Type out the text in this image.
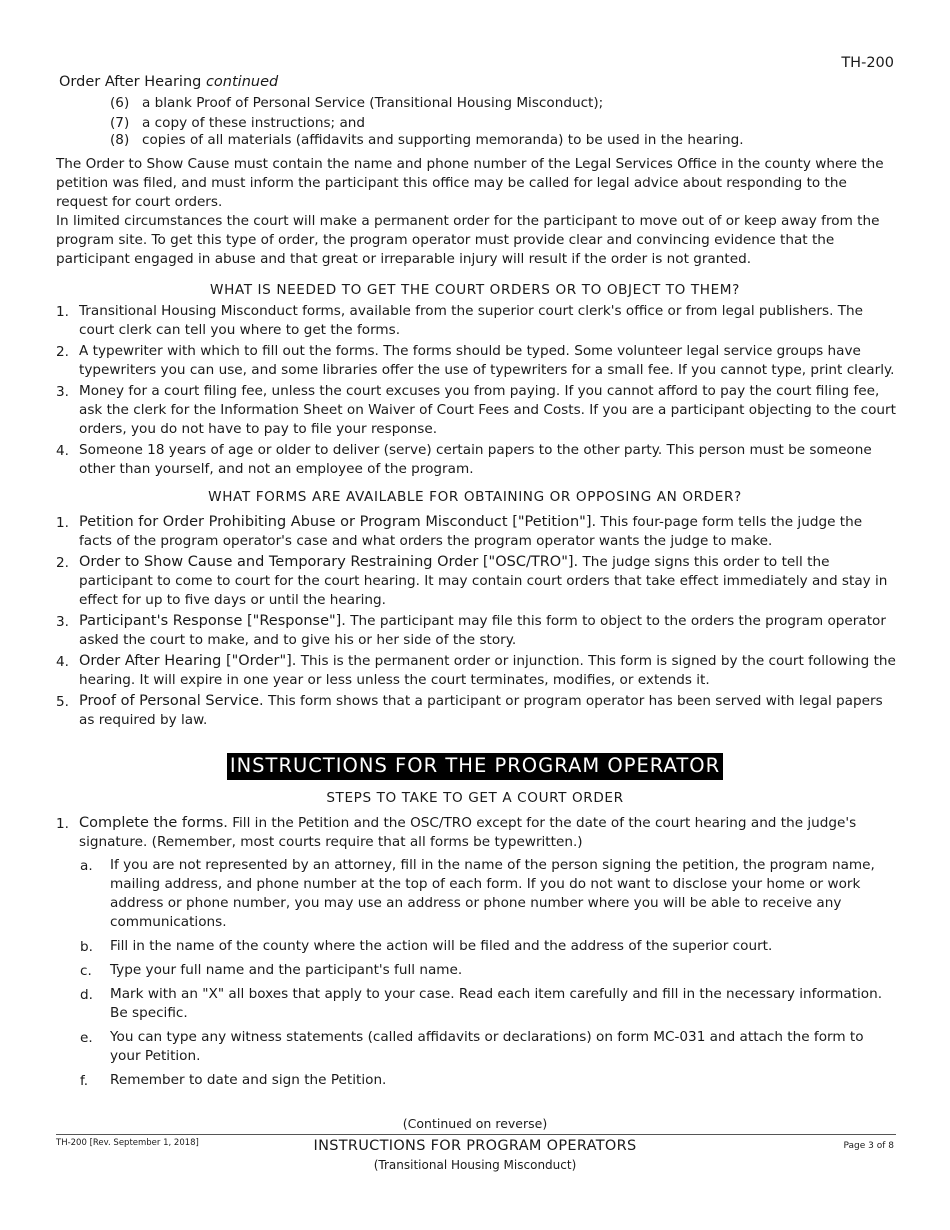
TH-200
Order After Hearing continued
(6) a blank Proof of Personal Service (Transitional Housing Misconduct);
(7) a copy of these instructions; and
(8) copies of all materials (affidavits and supporting memoranda) to be used in the hearing.
The Order to Show Cause must contain the name and phone number of the Legal Services Office in the county where the petition was filed, and must inform the participant this office may be called for legal advice about responding to the request for court orders.
In limited circumstances the court will make a permanent order for the participant to move out of or keep away from the program site. To get this type of order, the program operator must provide clear and convincing evidence that the participant engaged in abuse and that great or irreparable injury will result if the order is not granted.
WHAT IS NEEDED TO GET THE COURT ORDERS OR TO OBJECT TO THEM?
1. Transitional Housing Misconduct forms, available from the superior court clerk's office or from legal publishers. The court clerk can tell you where to get the forms.
2. A typewriter with which to fill out the forms. The forms should be typed. Some volunteer legal service groups have typewriters you can use, and some libraries offer the use of typewriters for a small fee. If you cannot type, print clearly.
3. Money for a court filing fee, unless the court excuses you from paying. If you cannot afford to pay the court filing fee, ask the clerk for the Information Sheet on Waiver of Court Fees and Costs. If you are a participant objecting to the court orders, you do not have to pay to file your response.
4. Someone 18 years of age or older to deliver (serve) certain papers to the other party. This person must be someone other than yourself, and not an employee of the program.
WHAT FORMS ARE AVAILABLE FOR OBTAINING OR OPPOSING AN ORDER?
1. Petition for Order Prohibiting Abuse or Program Misconduct ["Petition"]. This four-page form tells the judge the facts of the program operator's case and what orders the program operator wants the judge to make.
2. Order to Show Cause and Temporary Restraining Order ["OSC/TRO"]. The judge signs this order to tell the participant to come to court for the court hearing. It may contain court orders that take effect immediately and stay in effect for up to five days or until the hearing.
3. Participant's Response ["Response"]. The participant may file this form to object to the orders the program operator asked the court to make, and to give his or her side of the story.
4. Order After Hearing ["Order"]. This is the permanent order or injunction. This form is signed by the court following the hearing. It will expire in one year or less unless the court terminates, modifies, or extends it.
5. Proof of Personal Service. This form shows that a participant or program operator has been served with legal papers as required by law.
INSTRUCTIONS FOR THE PROGRAM OPERATOR
STEPS TO TAKE TO GET A COURT ORDER
1. Complete the forms. Fill in the Petition and the OSC/TRO except for the date of the court hearing and the judge's signature. (Remember, most courts require that all forms be typewritten.)
a. If you are not represented by an attorney, fill in the name of the person signing the petition, the program name, mailing address, and phone number at the top of each form. If you do not want to disclose your home or work address or phone number, you may use an address or phone number where you will be able to receive any communications.
b. Fill in the name of the county where the action will be filed and the address of the superior court.
c. Type your full name and the participant's full name.
d. Mark with an "X" all boxes that apply to your case. Read each item carefully and fill in the necessary information. Be specific.
e. You can type any witness statements (called affidavits or declarations) on form MC-031 and attach the form to your Petition.
f. Remember to date and sign the Petition.
(Continued on reverse)
TH-200 [Rev. September 1, 2018]	INSTRUCTIONS FOR PROGRAM OPERATORS
(Transitional Housing Misconduct)
Page 3 of 8
